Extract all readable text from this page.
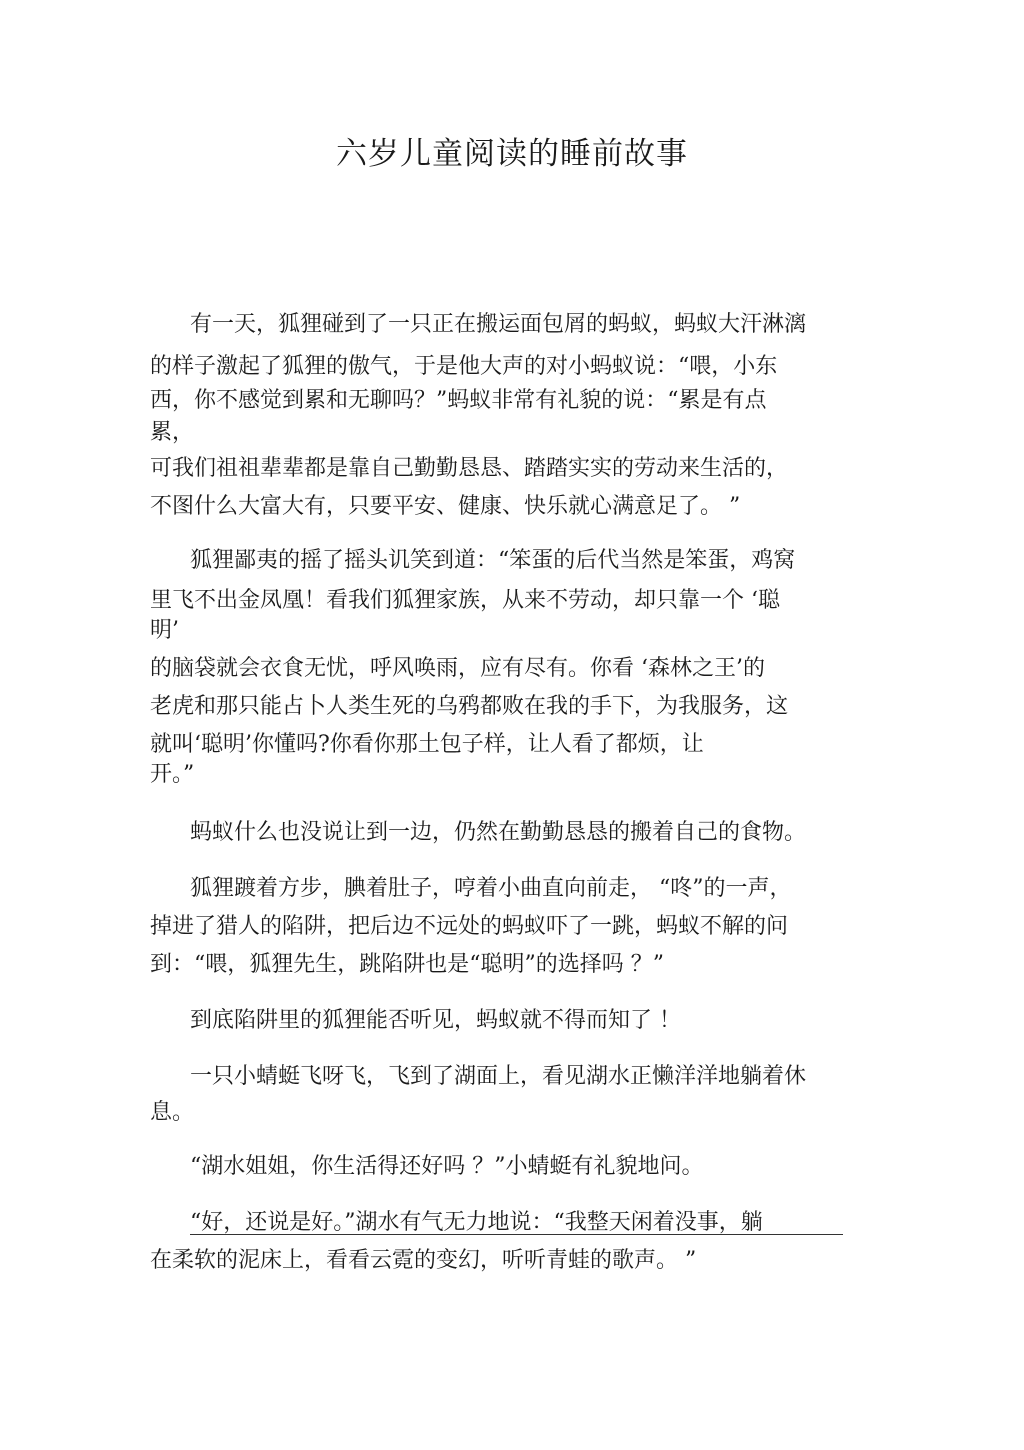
六岁儿童阅读的睡前故事
有一天，狐狸碰到了一只正在搬运面包屑的蚂蚁，蚂蚁大汗淋漓
的样子激起了狐狸的傲气，于是他大声的对小蚂蚁说：“喂，小东
西，你不感觉到累和无聊吗？”蚂蚁非常有礼貌的说：“累是有点
累，
可我们祖祖辈辈都是靠自己勤勤恳恳、踏踏实实的劳动来生活的，
不图什么大富大有，只要平安、健康、快乐就心满意足了。 ”
狐狸鄙夷的摇了摇头讥笑到道：“笨蛋的后代当然是笨蛋，鸡窝
里飞不出金凤凰！看我们狐狸家族，从来不劳动，却只靠一个 ‘聪
明’
的脑袋就会衣食无忧，呼风唤雨，应有尽有。你看 ‘森林之王’的
老虎和那只能占卜人类生死的乌鸦都败在我的手下，为我服务，这
就叫‘聪明’你懂吗?你看你那土包子样，让人看了都烦，让
开。”
蚂蚁什么也没说让到一边，仍然在勤勤恳恳的搬着自己的食物。
狐狸踱着方步，腆着肚子，哼着小曲直向前走， “咚”的一声，
掉进了猎人的陷阱，把后边不远处的蚂蚁吓了一跳，蚂蚁不解的问
到：“喂，狐狸先生，跳陷阱也是“聪明”的选择吗 ？”
到底陷阱里的狐狸能否听见，蚂蚁就不得而知了 ！
一只小蜻蜓飞呀飞，飞到了湖面上，看见湖水正懒洋洋地躺着休
息。
“湖水姐姐，你生活得还好吗 ？”小蜻蜓有礼貌地问。
“好，还说是好。”湖水有气无力地说：“我整天闲着没事，躺
在柔软的泥床上，看看云霓的变幻，听听青蛙的歌声。 ”
